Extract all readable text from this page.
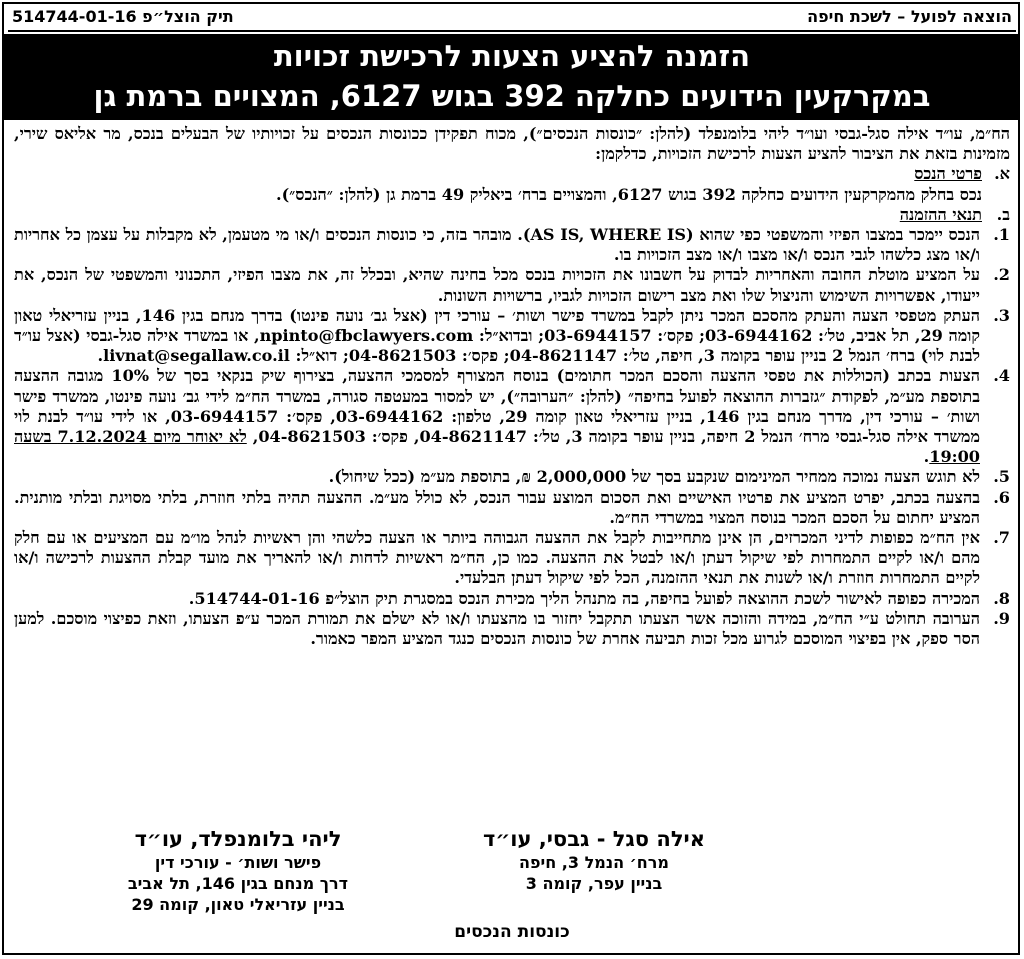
הוצאה לפועל – לשכת חיפה
תיק הוצל״פ 514744-01-16
הזמנה להציע הצעות לרכישת זכויות
במקרקעין הידועים כחלקה 392 בגוש 6127, המצויים ברמת גן

הח״מ, עו״ד אילה סגל-גבסי ועו״ד ליהי בלומנפלד (להלן: ״כונסות הנכסים״), מכוח תפקידן ככונסות הנכסים על זכויותיו של הבעלים בנכס, מר אליאס שירי, מזמינות בזאת את הציבור להציע הצעות לרכישת הזכויות, כדלקמן:

א.
פרטי הנכס

נכס בחלק מהמקרקעין הידועים כחלקה 392 בגוש 6127, והמצויים ברח׳ ביאליק 49 ברמת גן (להלן: ״הנכס״).

ב.
תנאי ההזמנה
1.
הנכס יימכר במצבו הפיזי והמשפטי כפי שהוא (AS IS, WHERE IS). מובהר בזה, כי כונסות הנכסים ו/או מי מטעמן, לא מקבלות על עצמן כל אחריות ו/או מצג כלשהו לגבי הנכס ו/או מצבו ו/או מצב הזכויות בו.
2.
על המציע מוטלת החובה והאחריות לבדוק על חשבונו את הזכויות בנכס מכל בחינה שהיא, ובכלל זה, את מצבו הפיזי, התכנוני והמשפטי של הנכס, את ייעודו, אפשרויות השימוש והניצול שלו ואת מצב רישום הזכויות לגביו, ברשויות השונות.
3.
העתק מטפסי הצעה והעתק מהסכם המכר ניתן לקבל במשרד פישר ושות׳ – עורכי דין (אצל גב׳ נועה פינטו) בדרך מנחם בגין 146, בניין עזריאלי טאון קומה 29, תל אביב, טל׳: 03-6944162; פקס׳: 03-6944157; ובדוא״ל: npinto@fbclawyers.com, או במשרד אילה סגל-גבסי (אצל עו״ד לבנת לוי) ברח׳ הנמל 2 בניין עופר בקומה 3, חיפה, טל׳: 04-8621147; פקס׳: 04-8621503; דוא״ל: livnat@segallaw.co.il.
4.
הצעות בכתב (הכוללות את טפסי ההצעה והסכם המכר חתומים) בנוסח המצורף למסמכי ההצעה, בצירוף שיק בנקאי בסך של 10% מגובה ההצעה בתוספת מע״מ, לפקודת ״גזברות ההוצאה לפועל בחיפה״ (להלן: ״הערובה״), יש למסור במעטפה סגורה, במשרד הח״מ לידי גב׳ נועה פינטו, ממשרד פישר ושות׳ – עורכי דין, מדרך מנחם בגין 146, בניין עזריאלי טאון קומה 29, טלפון: 03-6944162, פקס׳: 03-6944157, או לידי עו״ד לבנת לוי ממשרד אילה סגל-גבסי מרח׳ הנמל 2 חיפה, בניין עופר בקומה 3, טל׳: 04-8621147, פקס׳: 04-8621503, לא יאוחר מיום 7.12.2024 בשעה 19:00.
5.
לא תוגש הצעה נמוכה ממחיר המינימום שנקבע בסך של 2,000,000 ₪, בתוספת מע״מ (ככל שיחול).
6.
בהצעה בכתב, יפרט המציע את פרטיו האישיים ואת הסכום המוצע עבור הנכס, לא כולל מע״מ. ההצעה תהיה בלתי חוזרת, בלתי מסויגת ובלתי מותנית. המציע יחתום על הסכם המכר בנוסח המצוי במשרדי הח״מ.
7.
אין הח״מ כפופות לדיני המכרזים, הן אינן מתחייבות לקבל את ההצעה הגבוהה ביותר או הצעה כלשהי והן ראשיות לנהל מו״מ עם המציעים או עם חלק מהם ו/או לקיים התמחרות לפי שיקול דעתן ו/או לבטל את ההצעה. כמו כן, הח״מ ראשיות לדחות ו/או להאריך את מועד קבלת ההצעות לרכישה ו/או לקיים התמחרות חוזרת ו/או לשנות את תנאי ההזמנה, הכל לפי שיקול דעתן הבלעדי.
8.
המכירה כפופה לאישור לשכת ההוצאה לפועל בחיפה, בה מתנהל הליך מכירת הנכס במסגרת תיק הוצל״פ 514744-01-16.
9.
הערובה תחולט ע״י הח״מ, במידה והזוכה אשר הצעתו תתקבל יחזור בו מהצעתו ו/או לא ישלם את תמורת המכר ע״פ הצעתו, וזאת כפיצוי מוסכם. למען הסר ספק, אין בפיצוי המוסכם לגרוע מכל זכות תביעה אחרת של כונסות הנכסים כנגד המציע המפר כאמור.
אילה סגל - גבסי, עו״ד
מרח׳ הנמל 3, חיפה
בניין עפר, קומה 3
ליהי בלומנפלד, עו״ד
פישר ושות׳ - עורכי דין
דרך מנחם בגין 146, תל אביב
בניין עזריאלי טאון, קומה 29
כונסות הנכסים
